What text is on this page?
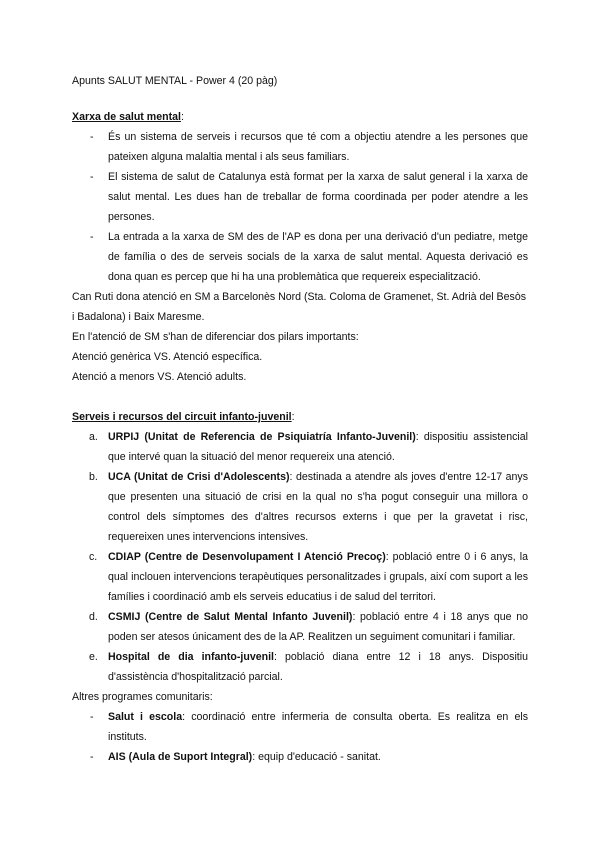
Apunts SALUT MENTAL - Power 4 (20 pàg)

Xarxa de salut mental:

- És un sistema de serveis i recursos que té com a objectiu atendre a les persones que pateixen alguna malaltia mental i als seus familiars.
- El sistema de salut de Catalunya està format per la xarxa de salut general i la xarxa de salut mental. Les dues han de treballar de forma coordinada per poder atendre a les persones.
- La entrada a la xarxa de SM des de l'AP es dona per una derivació d'un pediatre, metge de família o des de serveis socials de la xarxa de salut mental. Aquesta derivació es dona quan es percep que hi ha una problemàtica que requereix especialització.

Can Ruti dona atenció en SM a Barcelonès Nord (Sta. Coloma de Gramenet, St. Adrià del Besòs i Badalona) i Baix Maresme.

En l'atenció de SM s'han de diferenciar dos pilars importants:

Atenció genèrica VS. Atenció específica.

Atenció a menors VS. Atenció adults.

Serveis i recursos del circuit infanto-juvenil:

a. URPIJ (Unitat de Referencia de Psiquiatría Infanto-Juvenil): dispositiu assistencial que intervé quan la situació del menor requereix una atenció.
b. UCA (Unitat de Crisi d'Adolescents): destinada a atendre als joves d'entre 12-17 anys que presenten una situació de crisi en la qual no s'ha pogut conseguir una millora o control dels símptomes des d'altres recursos externs i que per la gravetat i risc, requereixen unes intervencions intensives.
c. CDIAP (Centre de Desenvolupament I Atenció Precoç): població entre 0 i 6 anys, la qual inclouen intervencions terapèutiques personalitzades i grupals, així com suport a les famílies i coordinació amb els serveis educatius i de salud del territori.
d. CSMIJ (Centre de Salut Mental Infanto Juvenil): població entre 4 i 18 anys que no poden ser atesos únicament des de la AP. Realitzen un seguiment comunitari i familiar.
e. Hospital de dia infanto-juvenil: població diana entre 12 i 18 anys. Dispositiu d'assistència d'hospitalització parcial.

Altres programes comunitaris:

- Salut i escola: coordinació entre infermeria de consulta oberta. Es realitza en els instituts.
- AIS (Aula de Suport Integral): equip d'educació - sanitat.
